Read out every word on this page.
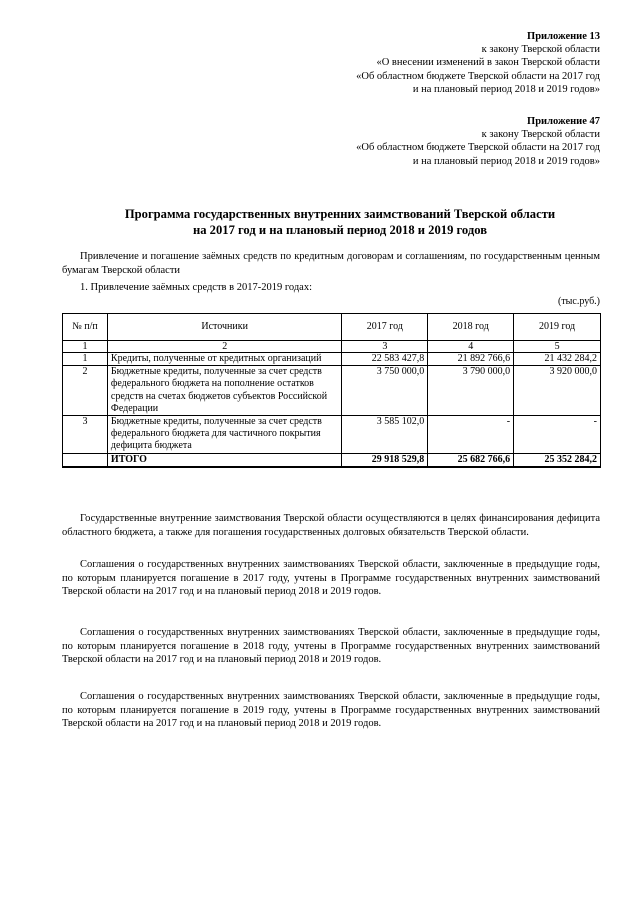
Приложение 13
к закону Тверской области
«О внесении изменений в закон Тверской области
«Об областном бюджете Тверской области на 2017 год
и на плановый период 2018 и 2019 годов»
Приложение 47
к закону Тверской области
«Об областном бюджете Тверской области на 2017 год
и на плановый период 2018 и 2019 годов»
Программа государственных внутренних заимствований Тверской области
на 2017 год и на плановый период 2018 и 2019 годов
Привлечение и погашение заёмных средств по кредитным договорам и соглашениям, по государственным ценным бумагам Тверской области
1. Привлечение заёмных средств в 2017-2019 годах:
(тыс.руб.)
№ п/п	Источники	2017 год	2018 год	2019 год
1	2	3	4	5
1	Кредиты, полученные от кредитных организаций	22 583 427,8	21 892 766,6	21 432 284,2
2	Бюджетные кредиты, полученные за счет средств федерального бюджета на пополнение остатков средств на счетах бюджетов субъектов Российской Федерации	3 750 000,0	3 790 000,0	3 920 000,0
3	Бюджетные кредиты, полученные за счет средств федерального бюджета для частичного покрытия дефицита бюджета	3 585 102,0	-	-
	ИТОГО	29 918 529,8	25 682 766,6	25 352 284,2
Государственные внутренние заимствования Тверской области осуществляются в целях финансирования дефицита областного бюджета, а также для погашения государственных долговых обязательств Тверской области.
Соглашения о государственных внутренних заимствованиях Тверской области, заключенные в предыдущие годы, по которым планируется погашение в 2017 году, учтены в Программе государственных внутренних заимствований Тверской области на 2017 год и на плановый период 2018 и 2019 годов.
Соглашения о государственных внутренних заимствованиях Тверской области, заключенные в предыдущие годы, по которым планируется погашение в 2018 году, учтены в Программе государственных внутренних заимствований Тверской области на 2017 год и на плановый период 2018 и 2019 годов.
Соглашения о государственных внутренних заимствованиях Тверской области, заключенные в предыдущие годы, по которым планируется погашение в 2019 году, учтены в Программе государственных внутренних заимствований Тверской области на 2017 год и на плановый период 2018 и 2019 годов.
